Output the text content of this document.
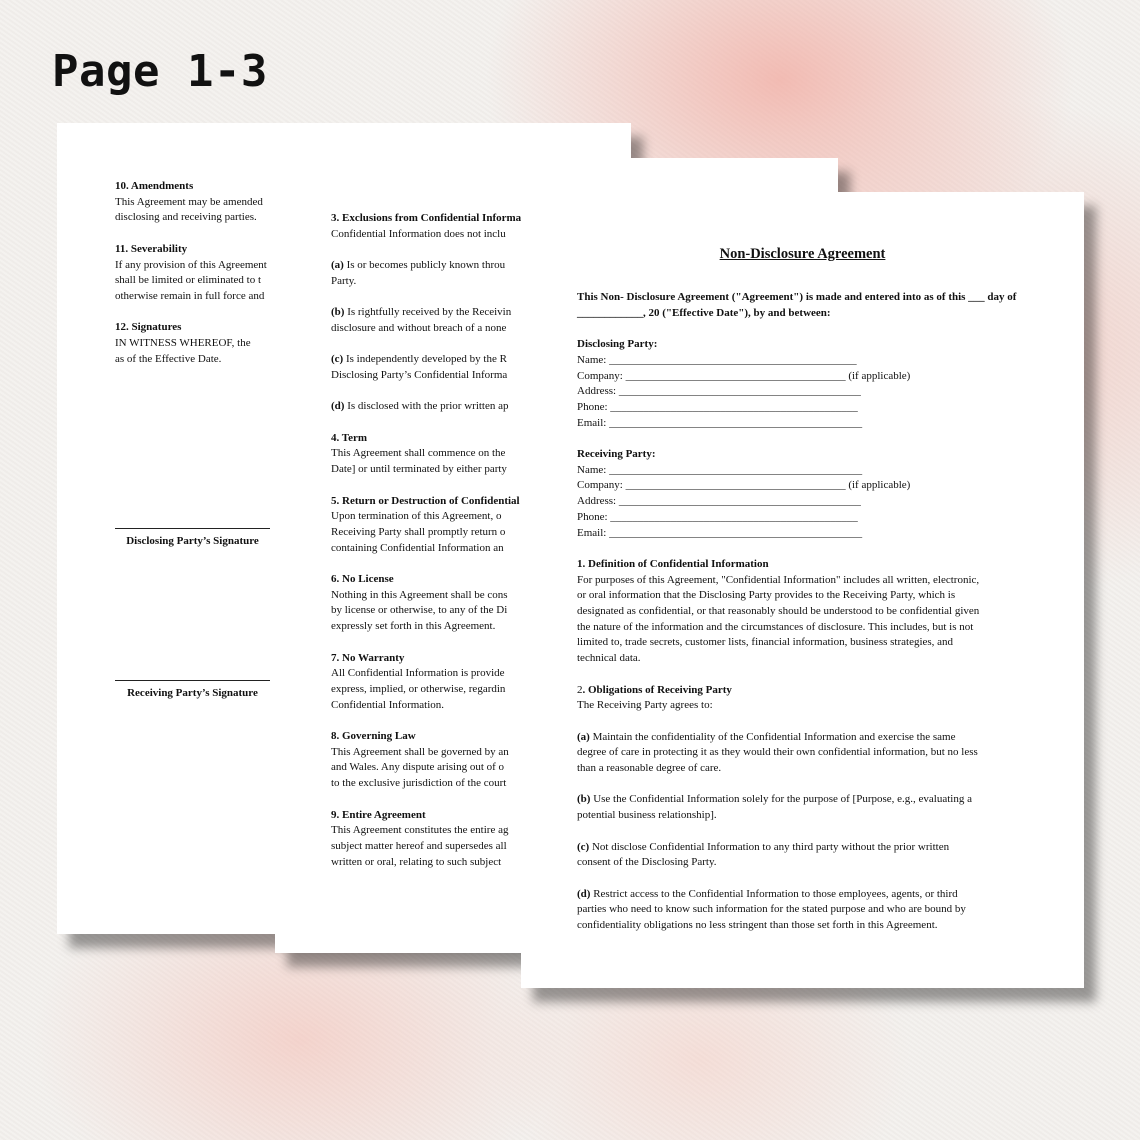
Page 1-3
10. Amendments
This Agreement may be amended
disclosing and receiving parties.
11. Severability
If any provision of this Agreement
shall be limited or eliminated to t
otherwise remain in full force and
12. Signatures
IN WITNESS WHEREOF, the
as of the Effective Date.
Disclosing Party’s Signature
Receiving Party’s Signature
3. Exclusions from Confidential Informa
Confidential Information does not inclu
(a) Is or becomes publicly known throu
Party.
(b) Is rightfully received by the Receivin
disclosure and without breach of a none
(c) Is independently developed by the R
Disclosing Party’s Confidential Informa
(d) Is disclosed with the prior written ap
4. Term
This Agreement shall commence on the
Date] or until terminated by either party
5. Return or Destruction of Confidential
Upon termination of this Agreement, o
Receiving Party shall promptly return o
containing Confidential Information an
6. No License
Nothing in this Agreement shall be cons
by license or otherwise, to any of the Di
expressly set forth in this Agreement.
7. No Warranty
All Confidential Information is provide
express, implied, or otherwise, regardin
Confidential Information.
8. Governing Law
This Agreement shall be governed by an
and Wales. Any dispute arising out of o
to the exclusive jurisdiction of the court
9. Entire Agreement
This Agreement constitutes the entire ag
subject matter hereof and supersedes all
written or oral, relating to such subject
Non-Disclosure Agreement
This Non- Disclosure Agreement ("Agreement") is made and entered into as of this ___ day of
____________, 20 ("Effective Date"), by and between:
Disclosing Party:
Name: _____________________________________________
Company: ________________________________________ (if applicable)
Address: ____________________________________________
Phone: _____________________________________________
Email: ______________________________________________
Receiving Party:
Name: ______________________________________________
Company: ________________________________________ (if applicable)
Address: ____________________________________________
Phone: _____________________________________________
Email: ______________________________________________
1. Definition of Confidential Information
For purposes of this Agreement, "Confidential Information" includes all written, electronic,
or oral information that the Disclosing Party provides to the Receiving Party, which is
designated as confidential, or that reasonably should be understood to be confidential given
the nature of the information and the circumstances of disclosure. This includes, but is not
limited to, trade secrets, customer lists, financial information, business strategies, and
technical data.
2. Obligations of Receiving Party
The Receiving Party agrees to:
(a) Maintain the confidentiality of the Confidential Information and exercise the same
degree of care in protecting it as they would their own confidential information, but no less
than a reasonable degree of care.
(b) Use the Confidential Information solely for the purpose of [Purpose, e.g., evaluating a
potential business relationship].
(c) Not disclose Confidential Information to any third party without the prior written
consent of the Disclosing Party.
(d) Restrict access to the Confidential Information to those employees, agents, or third
parties who need to know such information for the stated purpose and who are bound by
confidentiality obligations no less stringent than those set forth in this Agreement.
